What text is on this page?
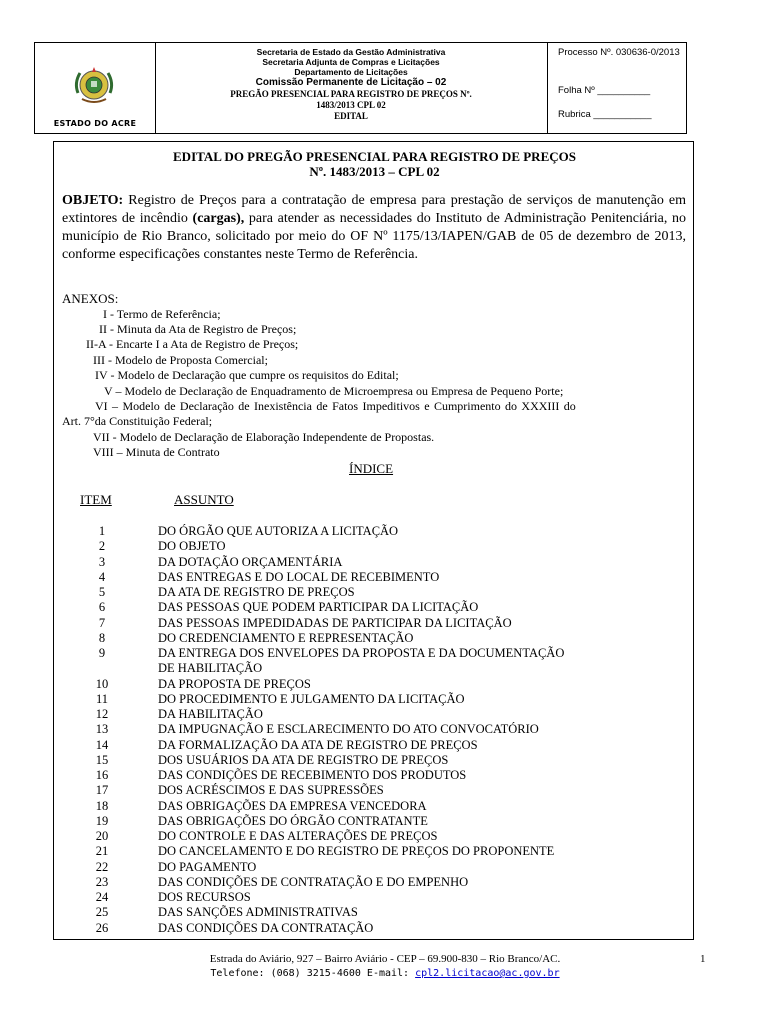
ESTADO DO ACRE
Secretaria de Estado da Gestão Administrativa
Secretaria Adjunta de Compras e Licitações
Departamento de Licitações
Comissão Permanente de Licitação – 02
PREGÃO PRESENCIAL PARA REGISTRO DE PREÇOS Nº.
1483/2013 CPL 02
EDITAL
Processo Nº. 030636-0/2013
Folha Nº __________
Rubrica ___________
EDITAL DO PREGÃO PRESENCIAL PARA REGISTRO DE PREÇOS
Nº. 1483/2013 – CPL 02
OBJETO: Registro de Preços para a contratação de empresa para prestação de serviços de manutenção em extintores de incêndio (cargas), para atender as necessidades do Instituto de Administração Penitenciária, no município de Rio Branco, solicitado por meio do OF Nº 1175/13/IAPEN/GAB de 05 de dezembro de 2013, conforme especificações constantes neste Termo de Referência.
ANEXOS:
I - Termo de Referência;
II - Minuta da Ata de Registro de Preços;
II-A - Encarte I a Ata de Registro de Preços;
III - Modelo de Proposta Comercial;
IV - Modelo de Declaração que cumpre os requisitos do Edital;
V – Modelo de Declaração de Enquadramento de Microempresa ou Empresa de Pequeno Porte;
VI – Modelo de Declaração de Inexistência de Fatos Impeditivos e Cumprimento do XXXIII do
Art. 7°da Constituição Federal;
VII - Modelo de Declaração de Elaboração Independente de Propostas.
VIII – Minuta de Contrato
ÍNDICE
ITEM	ASSUNTO
1	DO ÓRGÃO QUE AUTORIZA A LICITAÇÃO
2	DO OBJETO
3	DA DOTAÇÃO ORÇAMENTÁRIA
4	DAS ENTREGAS E DO LOCAL DE RECEBIMENTO
5	DA ATA DE REGISTRO DE PREÇOS
6	DAS PESSOAS QUE PODEM PARTICIPAR DA LICITAÇÃO
7	DAS PESSOAS IMPEDIDADAS DE PARTICIPAR DA LICITAÇÃO
8	DO CREDENCIAMENTO E REPRESENTAÇÃO
9	DA ENTREGA DOS ENVELOPES DA PROPOSTA E DA DOCUMENTAÇÃO
DE HABILITAÇÃO
10	DA PROPOSTA DE PREÇOS
11	DO PROCEDIMENTO E JULGAMENTO DA LICITAÇÃO
12	DA HABILITAÇÃO
13	DA IMPUGNAÇÃO E ESCLARECIMENTO DO ATO CONVOCATÓRIO
14	DA FORMALIZAÇÃO DA ATA DE REGISTRO DE PREÇOS
15	DOS USUÁRIOS DA ATA DE REGISTRO DE PREÇOS
16	DAS CONDIÇÕES DE RECEBIMENTO DOS PRODUTOS
17	DOS ACRÉSCIMOS E DAS SUPRESSÕES
18	DAS OBRIGAÇÕES DA EMPRESA VENCEDORA
19	DAS OBRIGAÇÕES DO ÓRGÃO CONTRATANTE
20	DO CONTROLE E DAS ALTERAÇÕES DE PREÇOS
21	DO CANCELAMENTO E DO REGISTRO DE PREÇOS DO PROPONENTE
22	DO PAGAMENTO
23	DAS CONDIÇÕES DE CONTRATAÇÃO E DO EMPENHO
24	DOS RECURSOS
25	DAS SANÇÕES ADMINISTRATIVAS
26	DAS CONDIÇÕES DA CONTRATAÇÃO
Estrada do Aviário, 927 – Bairro Aviário - CEP – 69.900-830 – Rio Branco/AC.
Telefone: (068) 3215-4600 E-mail: cpl2.licitacao@ac.gov.br
1
